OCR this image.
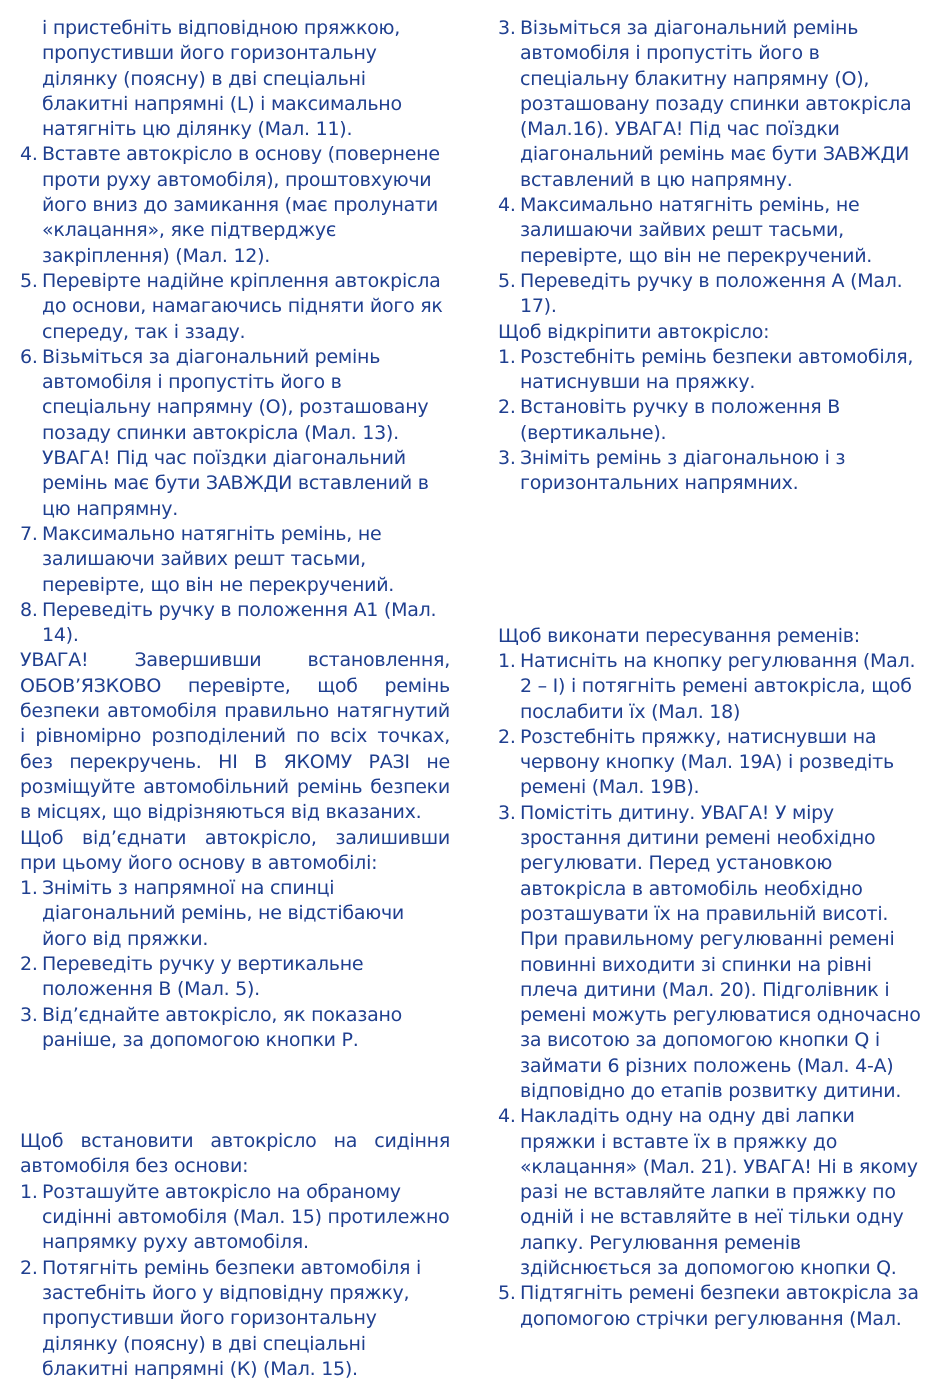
і пристебніть відповідною пряжкою, пропустивши його горизонтальну ділянку (поясну) в дві спеціальні блакитні напрямні (L) і максимально натягніть цю ділянку (Мал. 11).
4. Вставте автокрісло в основу (повернене проти руху автомобіля), проштовхуючи його вниз до замикання (має пролунати «клацання», яке підтверджує закріплення) (Мал. 12).
5. Перевірте надійне кріплення автокрісла до основи, намагаючись підняти його як спереду, так і ззаду.
6. Візьміться за діагональний ремінь автомобіля і пропустіть його в спеціальну напрямну (О), розташовану позаду спинки автокрісла (Мал. 13). УВАГА! Під час поїздки діагональний ремінь має бути ЗАВЖДИ вставлений в цю напрямну.
7. Максимально натягніть ремінь, не залишаючи зайвих решт тасьми, перевірте, що він не перекручений.
8. Переведіть ручку в положення А1 (Мал. 14).
УВАГА! Завершивши встановлення, ОБОВ’ЯЗКОВО перевірте, щоб ремінь безпеки автомобіля правильно натягнутий і рівномірно розподілений по всіх точках, без перекручень. НІ В ЯКОМУ РАЗІ не розміщуйте автомобільний ремінь безпеки в місцях, що відрізняються від вказаних.
Щоб від’єднати автокрісло, залишивши при цьому його основу в автомобілі:
1. Зніміть з напрямної на спинці діагональний ремінь, не відстібаючи його від пряжки.
2. Переведіть ручку у вертикальне положення В (Мал. 5).
3. Від’єднайте автокрісло, як показано раніше, за допомогою кнопки Р.
Щоб встановити автокрісло на сидіння автомобіля без основи:
1. Розташуйте автокрісло на обраному сидінні автомобіля (Мал. 15) протилежно напрямку руху автомобіля.
2. Потягніть ремінь безпеки автомобіля і застебніть його у відповідну пряжку, пропустивши його горизонтальну ділянку (поясну) в дві спеціальні блакитні напрямні (К) (Мал. 15).
3. Візьміться за діагональний ремінь автомобіля і пропустіть його в спеціальну блакитну напрямну (О), розташовану позаду спинки автокрісла (Мал.16). УВАГА! Під час поїздки діагональний ремінь має бути ЗАВЖДИ вставлений в цю напрямну.
4. Максимально натягніть ремінь, не залишаючи зайвих решт тасьми, перевірте, що він не перекручений.
5. Переведіть ручку в положення А (Мал. 17).
Щоб відкріпити автокрісло:
1. Розстебніть ремінь безпеки автомобіля, натиснувши на пряжку.
2. Встановіть ручку в положення В (вертикальне).
3. Зніміть ремінь з діагональною і з горизонтальних напрямних.
Щоб виконати пересування ременів:
1. Натисніть на кнопку регулювання (Мал. 2 – I) і потягніть ремені автокрісла, щоб послабити їх (Мал. 18)
2. Розстебніть пряжку, натиснувши на червону кнопку (Мал. 19А) і розведіть ремені (Мал. 19В).
3. Помістіть дитину. УВАГА! У міру зростання дитини ремені необхідно регулювати. Перед установкою автокрісла в автомобіль необхідно розташувати їх на правильній висоті. При правильному регулюванні ремені повинні виходити зі спинки на рівні плеча дитини (Мал. 20). Підголівник і ремені можуть регулюватися одночасно за висотою за допомогою кнопки Q і займати 6 різних положень (Мал. 4-А) відповідно до етапів розвитку дитини.
4. Накладіть одну на одну дві лапки пряжки і вставте їх в пряжку до «клацання» (Мал. 21). УВАГА! Ні в якому разі не вставляйте лапки в пряжку по одній і не вставляйте в неї тільки одну лапку. Регулювання ременів здійснюється за допомогою кнопки Q.
5. Підтягніть ремені безпеки автокрісла за допомогою стрічки регулювання (Мал.
